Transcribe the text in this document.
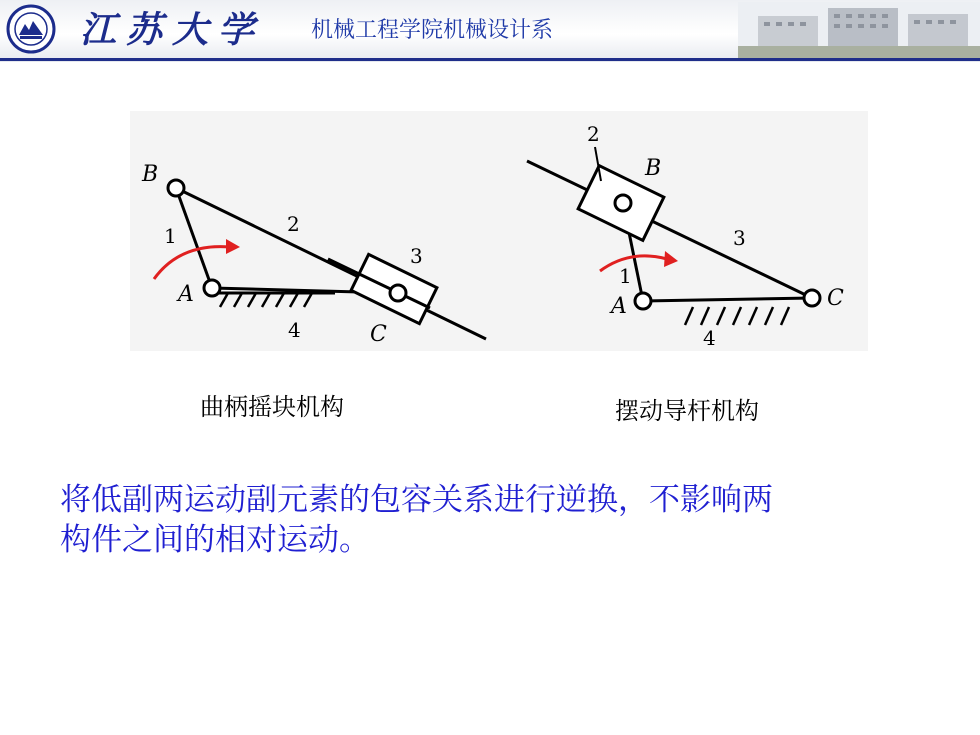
江苏大学 机械工程学院机械设计系
B
1
A
2
3
4	C
2
B
3
1
A	C
4
曲柄摇块机构	摆动导杆机构
将低副两运动副元素的包容关系进行逆换，不影响两
构件之间的相对运动。
